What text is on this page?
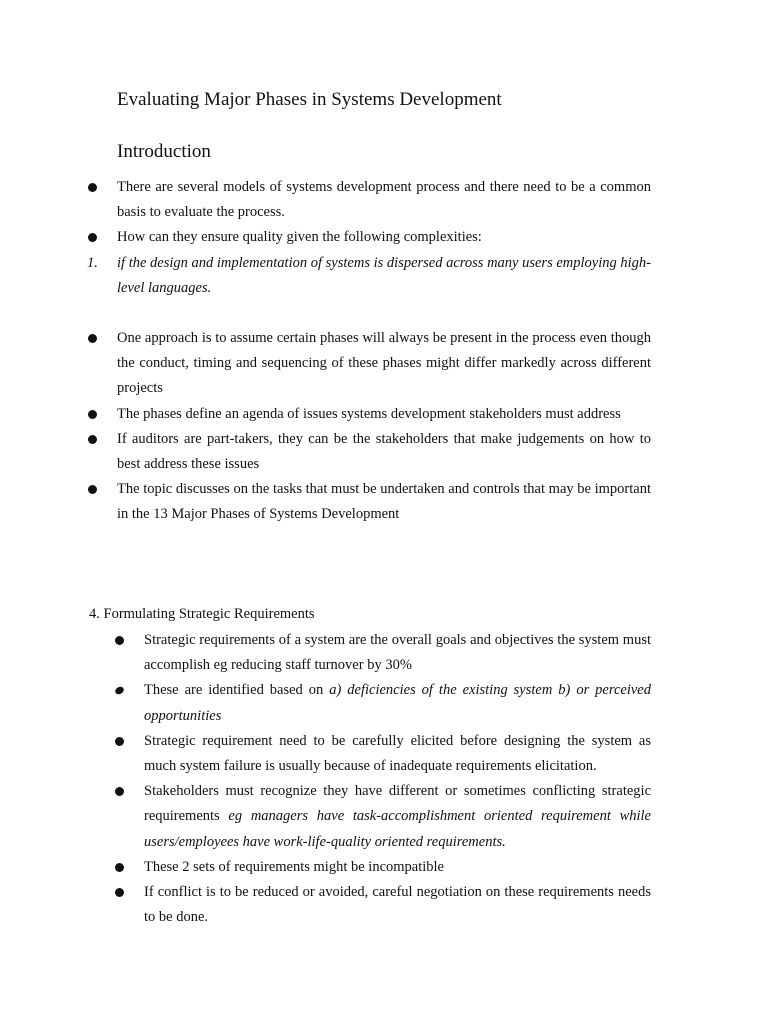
Evaluating Major Phases in Systems Development
Introduction

There are several models of systems development process and there need to be a common basis to evaluate the process.

How can they ensure quality given the following complexities:

1. if the design and implementation of systems is dispersed across many users employing high-level languages.

One approach is to assume certain phases will always be present in the process even though the conduct, timing and sequencing of these phases might differ markedly across different projects

The phases define an agenda of issues systems development stakeholders must address

If auditors are part-takers, they can be the stakeholders that make judgements on how to best address these issues

The topic discusses on the tasks that must be undertaken and controls that may be important in the 13 Major Phases of Systems Development

4. Formulating Strategic Requirements

Strategic requirements of a system are the overall goals and objectives the system must accomplish eg reducing staff turnover by 30%

These are identified based on a) deficiencies of the existing system b) or perceived opportunities

Strategic requirement need to be carefully elicited before designing the system as much system failure is usually because of inadequate requirements elicitation.

Stakeholders must recognize they have different or sometimes conflicting strategic requirements eg managers have task-accomplishment oriented requirement while users/employees have work-life-quality oriented requirements.

These 2 sets of requirements might be incompatible

If conflict is to be reduced or avoided, careful negotiation on these requirements needs to be done.
